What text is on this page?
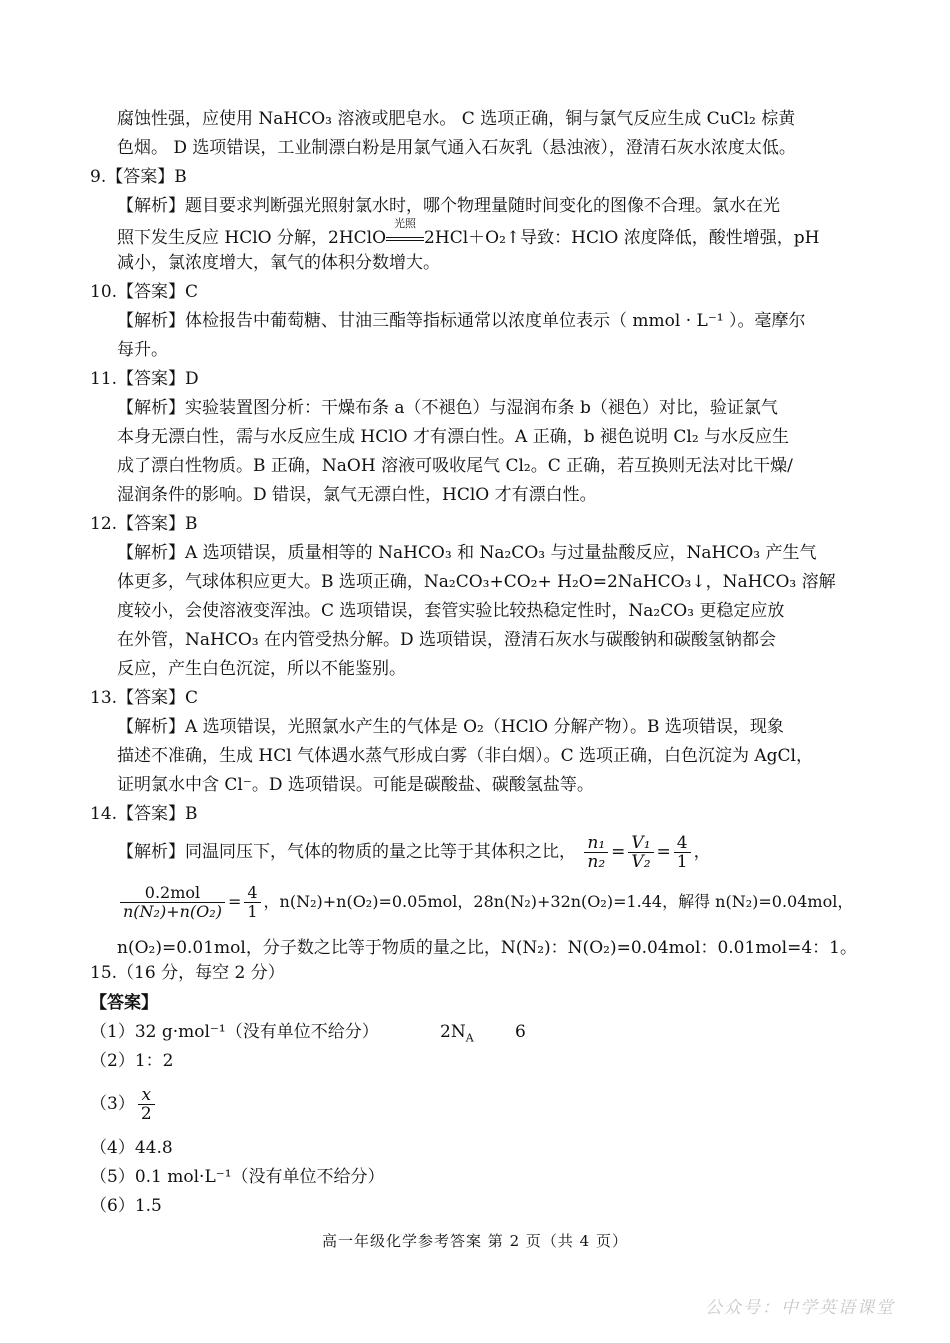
腐蚀性强，应使用 NaHCO₃ 溶液或肥皂水。 C 选项正确，铜与氯气反应生成 CuCl₂ 棕黄
色烟。 D 选项错误，工业制漂白粉是用氯气通入石灰乳（悬浊液），澄清石灰水浓度太低。
9.【答案】B
【解析】题目要求判断强光照射氯水时，哪个物理量随时间变化的图像不合理。氯水在光
照下发生反应 HClO 分解，2HClO
光照
2HCl＋O₂↑导致：HClO 浓度降低，酸性增强，pH
减小，氯浓度增大，氧气的体积分数增大。
10.【答案】C
【解析】体检报告中葡萄糖、甘油三酯等指标通常以浓度单位表示（ mmol · L⁻¹ ）。毫摩尔
每升。
11.【答案】D
【解析】实验装置图分析：干燥布条 a（不褪色）与湿润布条 b（褪色）对比，验证氯气
本身无漂白性，需与水反应生成 HClO 才有漂白性。A 正确，b 褪色说明 Cl₂ 与水反应生
成了漂白性物质。B 正确，NaOH 溶液可吸收尾气 Cl₂。C 正确，若互换则无法对比干燥/
湿润条件的影响。D 错误，氯气无漂白性，HClO 才有漂白性。
12.【答案】B
【解析】A 选项错误，质量相等的 NaHCO₃ 和 Na₂CO₃ 与过量盐酸反应，NaHCO₃ 产生气
体更多，气球体积应更大。B 选项正确，Na₂CO₃+CO₂+ H₂O=2NaHCO₃↓，NaHCO₃ 溶解
度较小，会使溶液变浑浊。C 选项错误，套管实验比较热稳定性时，Na₂CO₃ 更稳定应放
在外管，NaHCO₃ 在内管受热分解。D 选项错误，澄清石灰水与碳酸钠和碳酸氢钠都会
反应，产生白色沉淀，所以不能鉴别。
13.【答案】C
【解析】A 选项错误，光照氯水产生的气体是 O₂（HClO 分解产物）。B 选项错误，现象
描述不准确，生成 HCl 气体遇水蒸气形成白雾（非白烟）。C 选项正确，白色沉淀为 AgCl，
证明氯水中含 Cl⁻。D 选项错误。可能是碳酸盐、碳酸氢盐等。
14.【答案】B
【解析】同温同压下，气体的物质的量之比等于其体积之比， $\frac{\text{n₁}}{\text{n₂}} = \frac{\text{V₁}}{\text{V₂}} = \frac{4}{1}$ ，
$\frac{\text{0.2mol}}{\text{n(N₂)+n(O₂)}} = \frac{4}{1}$ ，n(N₂)+n(O₂)=0.05mol，28n(N₂)+32n(O₂)=1.44，解得 n(N₂)=0.04mol，
n(O₂)=0.01mol，分子数之比等于物质的量之比，N(N₂)：N(O₂)=0.04mol：0.01mol=4：1。
15.（16 分，每空 2 分）
【答案】
（1）32 g·mol⁻¹（没有单位不给分）	$2N_A$ 6
（2）1：2
$(3) \frac{x}{2}$
（4）44.8
（5）0.1 mol·L⁻¹（没有单位不给分）
（6）1.5
高一年级化学参考答案 第 2 页（共 4 页）
公众号：中学英语课堂
